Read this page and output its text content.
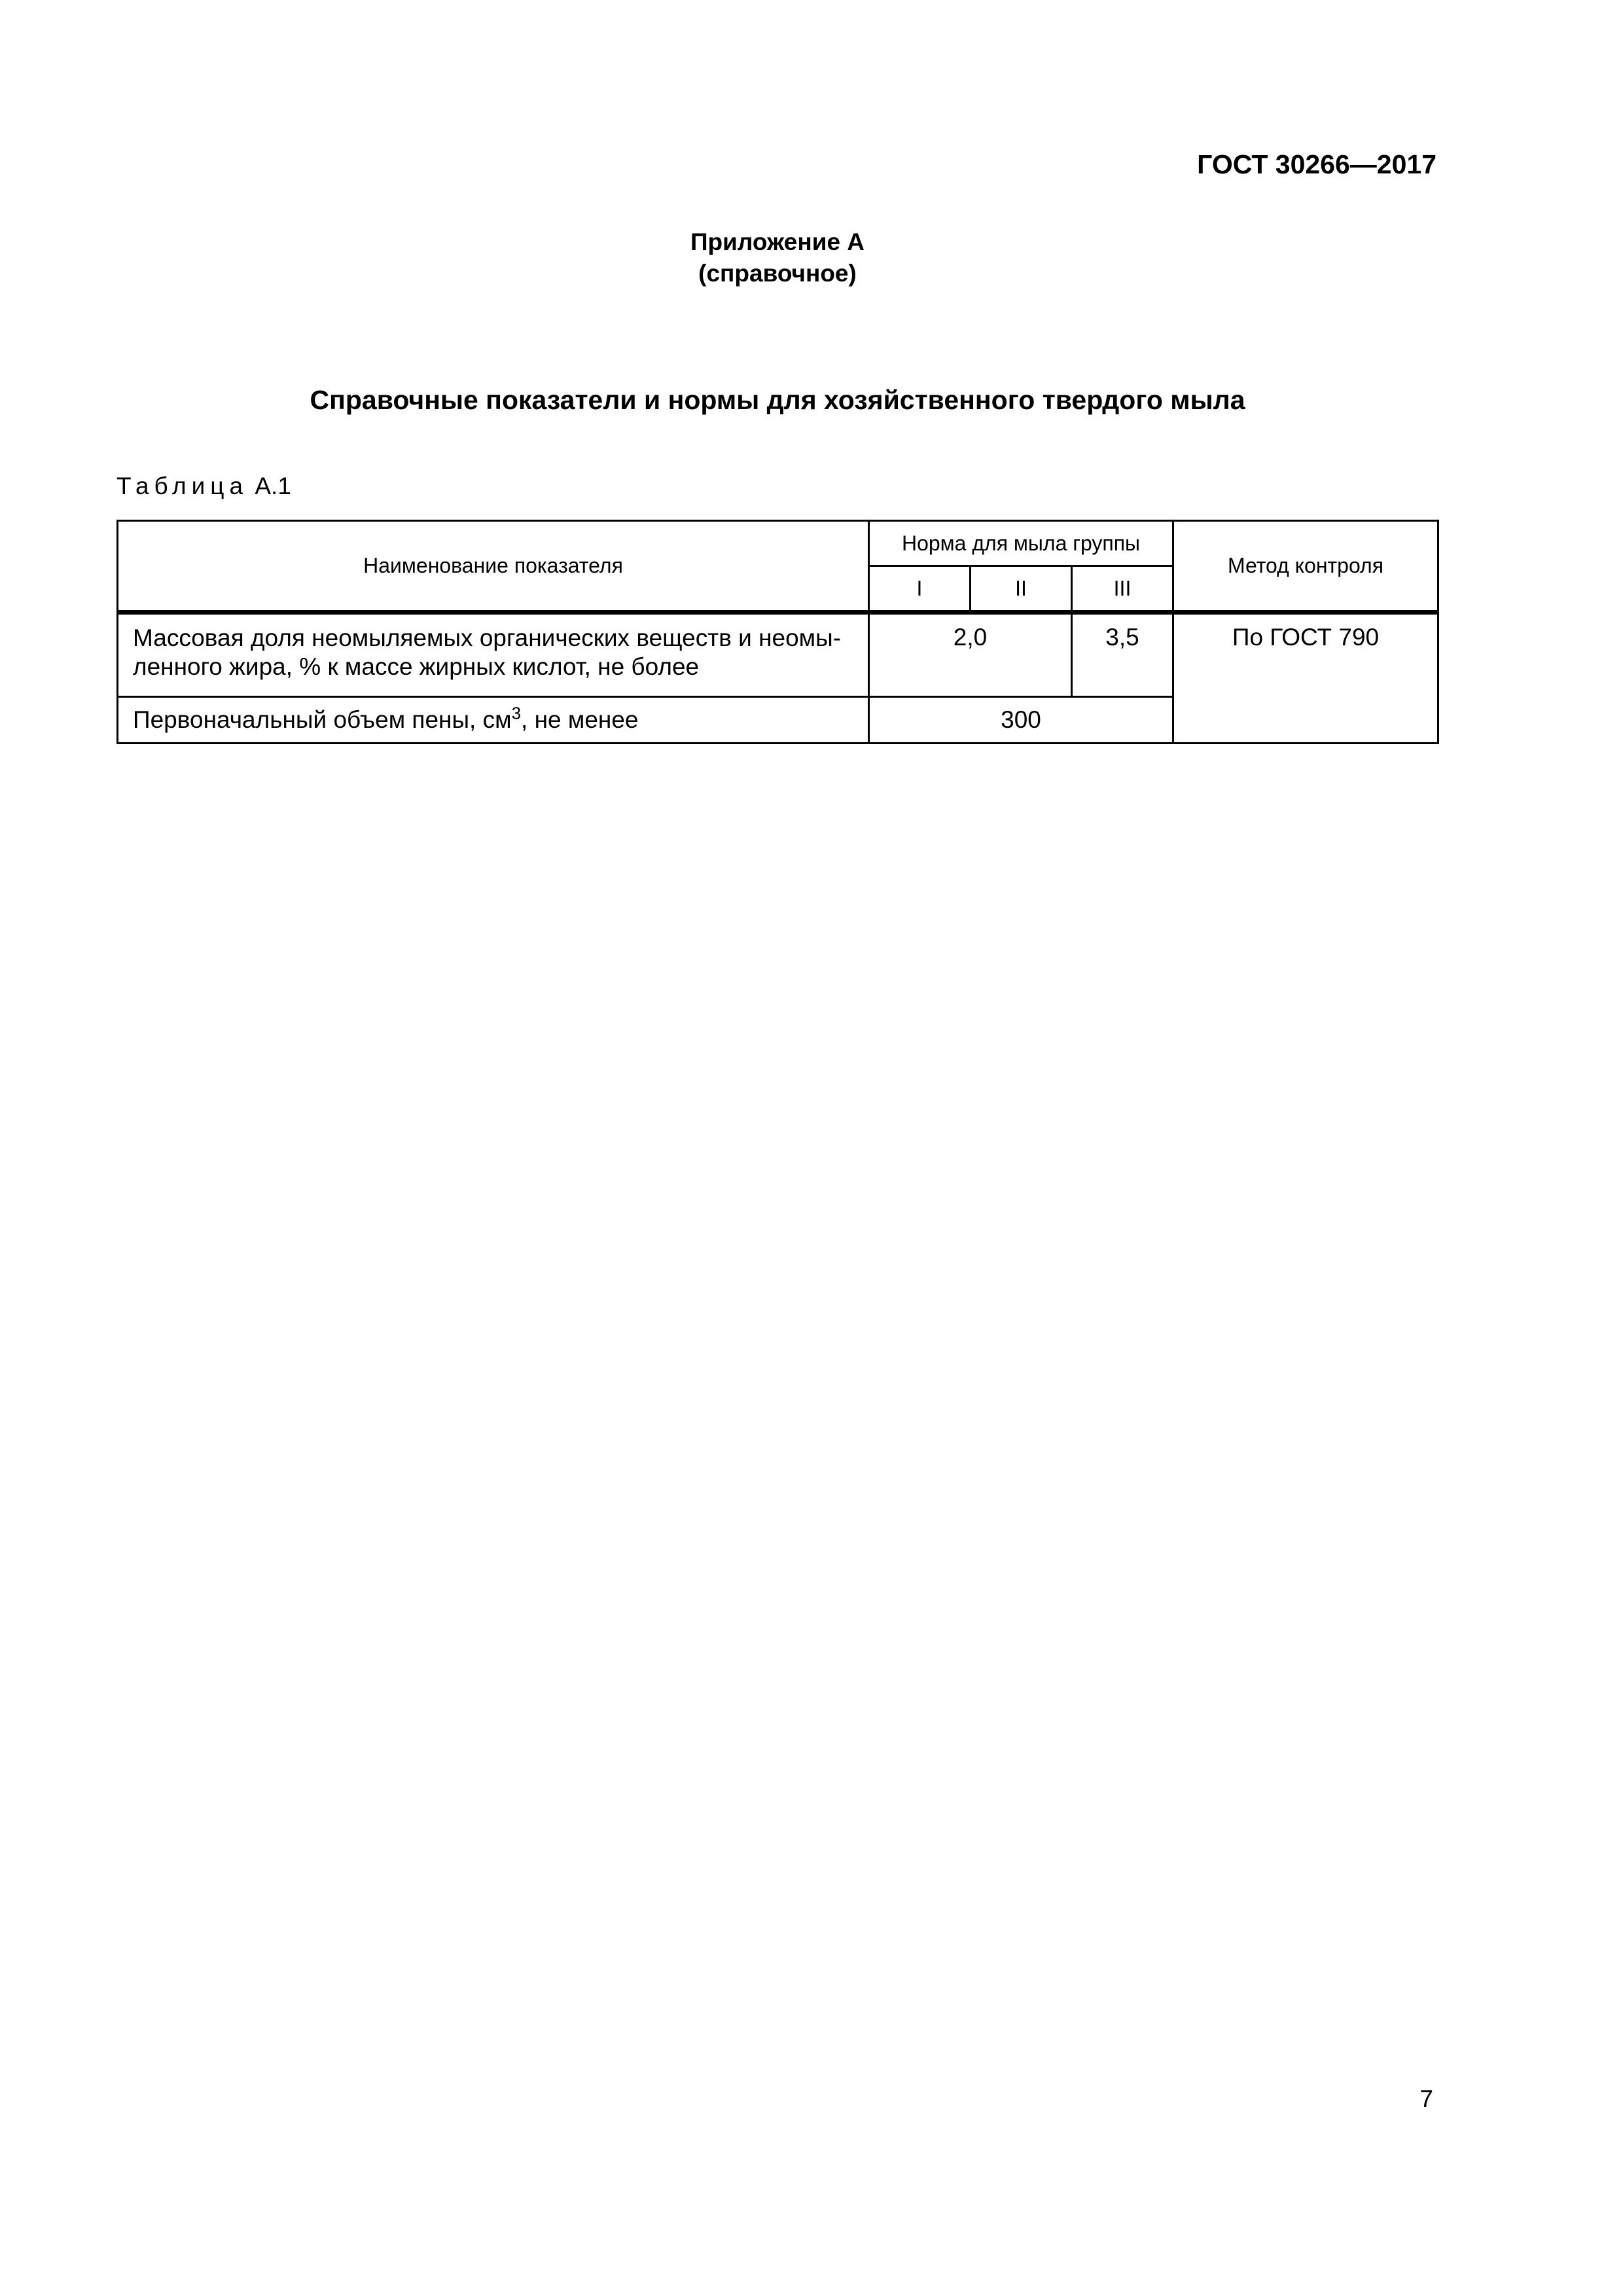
ГОСТ 30266—2017
Приложение А
(справочное)
Справочные показатели и нормы для хозяйственного твердого мыла
Таблица А.1
Наименование показателя	Норма для мыла группы			Метод контроля
	I	II	III	
Массовая доля неомыляемых органических веществ и неомы-ленного жира, % к массе жирных кислот, не более	2,0		3,5	По ГОСТ 790
Первоначальный объем пены, $см^3$, не менее	300			
7
